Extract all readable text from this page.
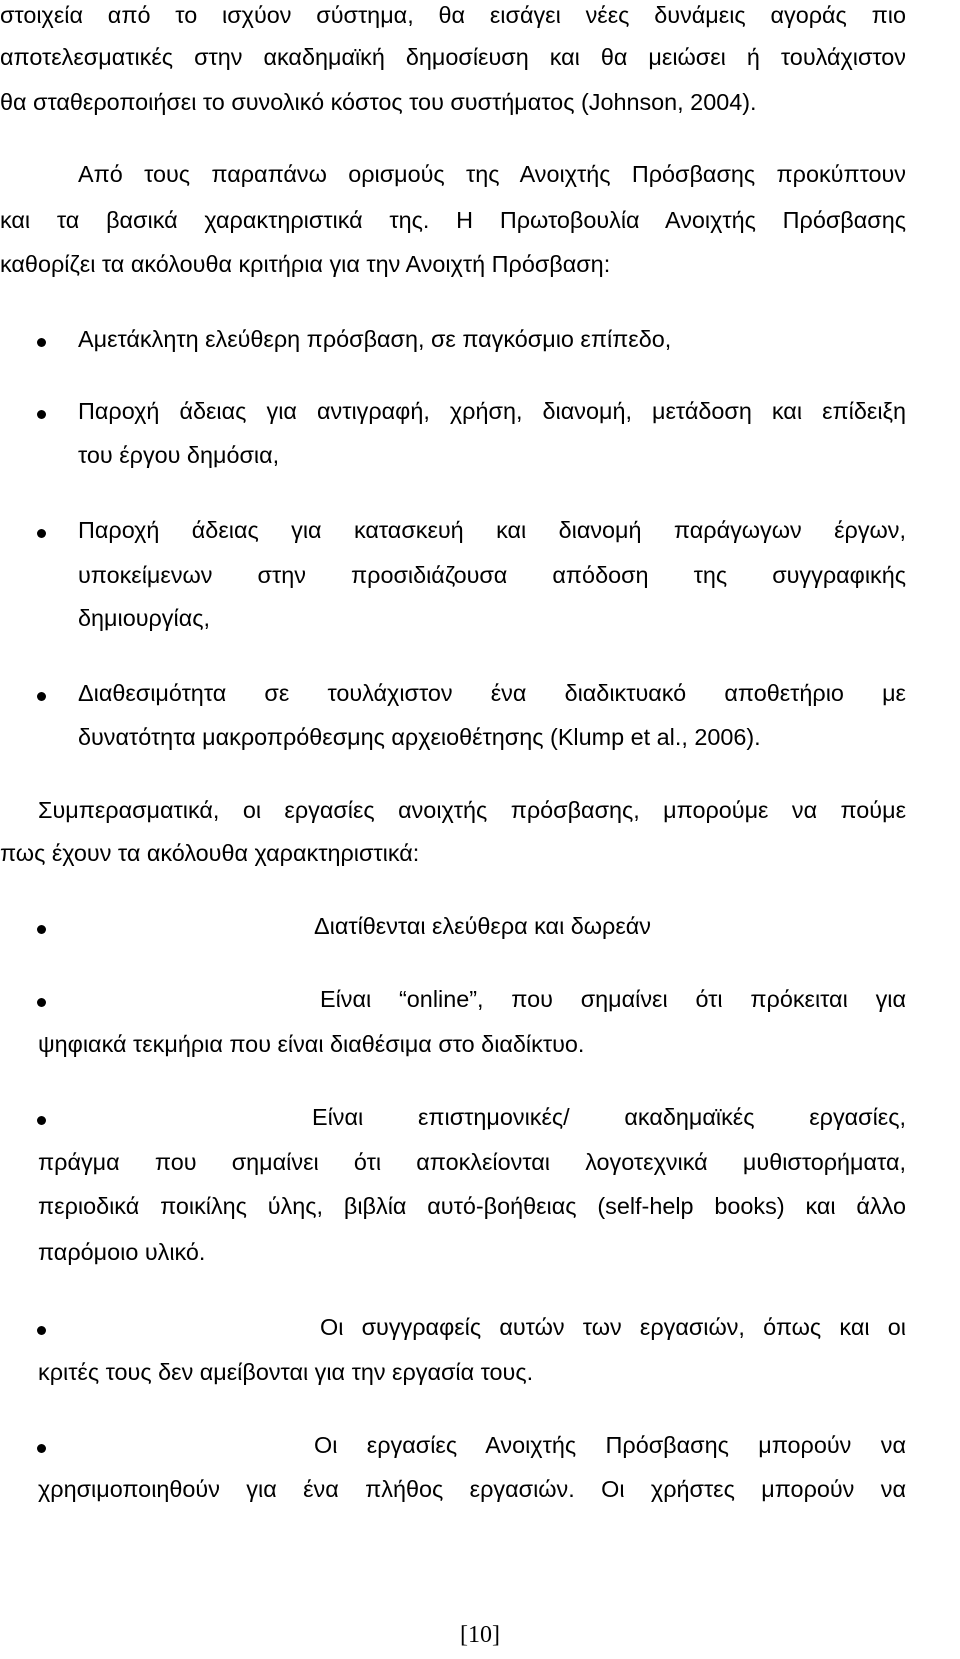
στοιχεία από το ισχύον σύστημα, θα εισάγει νέες δυνάμεις αγοράς πιο
αποτελεσματικές στην ακαδημαϊκή δημοσίευση και θα μειώσει ή τουλάχιστον
θα σταθεροποιήσει το συνολικό κόστος του συστήματος (Johnson, 2004).
Από τους παραπάνω ορισμούς της Ανοιχτής Πρόσβασης προκύπτουν
και τα βασικά χαρακτηριστικά της. Η Πρωτοβουλία Ανοιχτής Πρόσβασης
καθορίζει τα ακόλουθα κριτήρια για την Ανοιχτή Πρόσβαση:
Αμετάκλητη ελεύθερη πρόσβαση, σε παγκόσμιο επίπεδο,
Παροχή άδειας για αντιγραφή, χρήση, διανομή, μετάδοση και επίδειξη
του έργου δημόσια,
Παροχή άδειας για κατασκευή και διανομή παράγωγων έργων,
υποκείμενων στην προσιδιάζουσα απόδοση της συγγραφικής
δημιουργίας,
Διαθεσιμότητα σε τουλάχιστον ένα διαδικτυακό αποθετήριο με
δυνατότητα μακροπρόθεσμης αρχειοθέτησης (Klump et al., 2006).
Συμπερασματικά, οι εργασίες ανοιχτής πρόσβασης, μπορούμε να πούμε
πως έχουν τα ακόλουθα χαρακτηριστικά:
Διατίθενται ελεύθερα και δωρεάν
Είναι “online”, που σημαίνει ότι πρόκειται για
ψηφιακά τεκμήρια που είναι διαθέσιμα στο διαδίκτυο.
Είναι επιστημονικές/ ακαδημαϊκές εργασίες,
πράγμα που σημαίνει ότι αποκλείονται λογοτεχνικά μυθιστορήματα,
περιοδικά ποικίλης ύλης, βιβλία αυτό-βοήθειας (self-help books) και άλλο
παρόμοιο υλικό.
Οι συγγραφείς αυτών των εργασιών, όπως και οι
κριτές τους δεν αμείβονται για την εργασία τους.
Οι εργασίες Ανοιχτής Πρόσβασης μπορούν να
χρησιμοποιηθούν για ένα πλήθος εργασιών. Οι χρήστες μπορούν να
[10]
